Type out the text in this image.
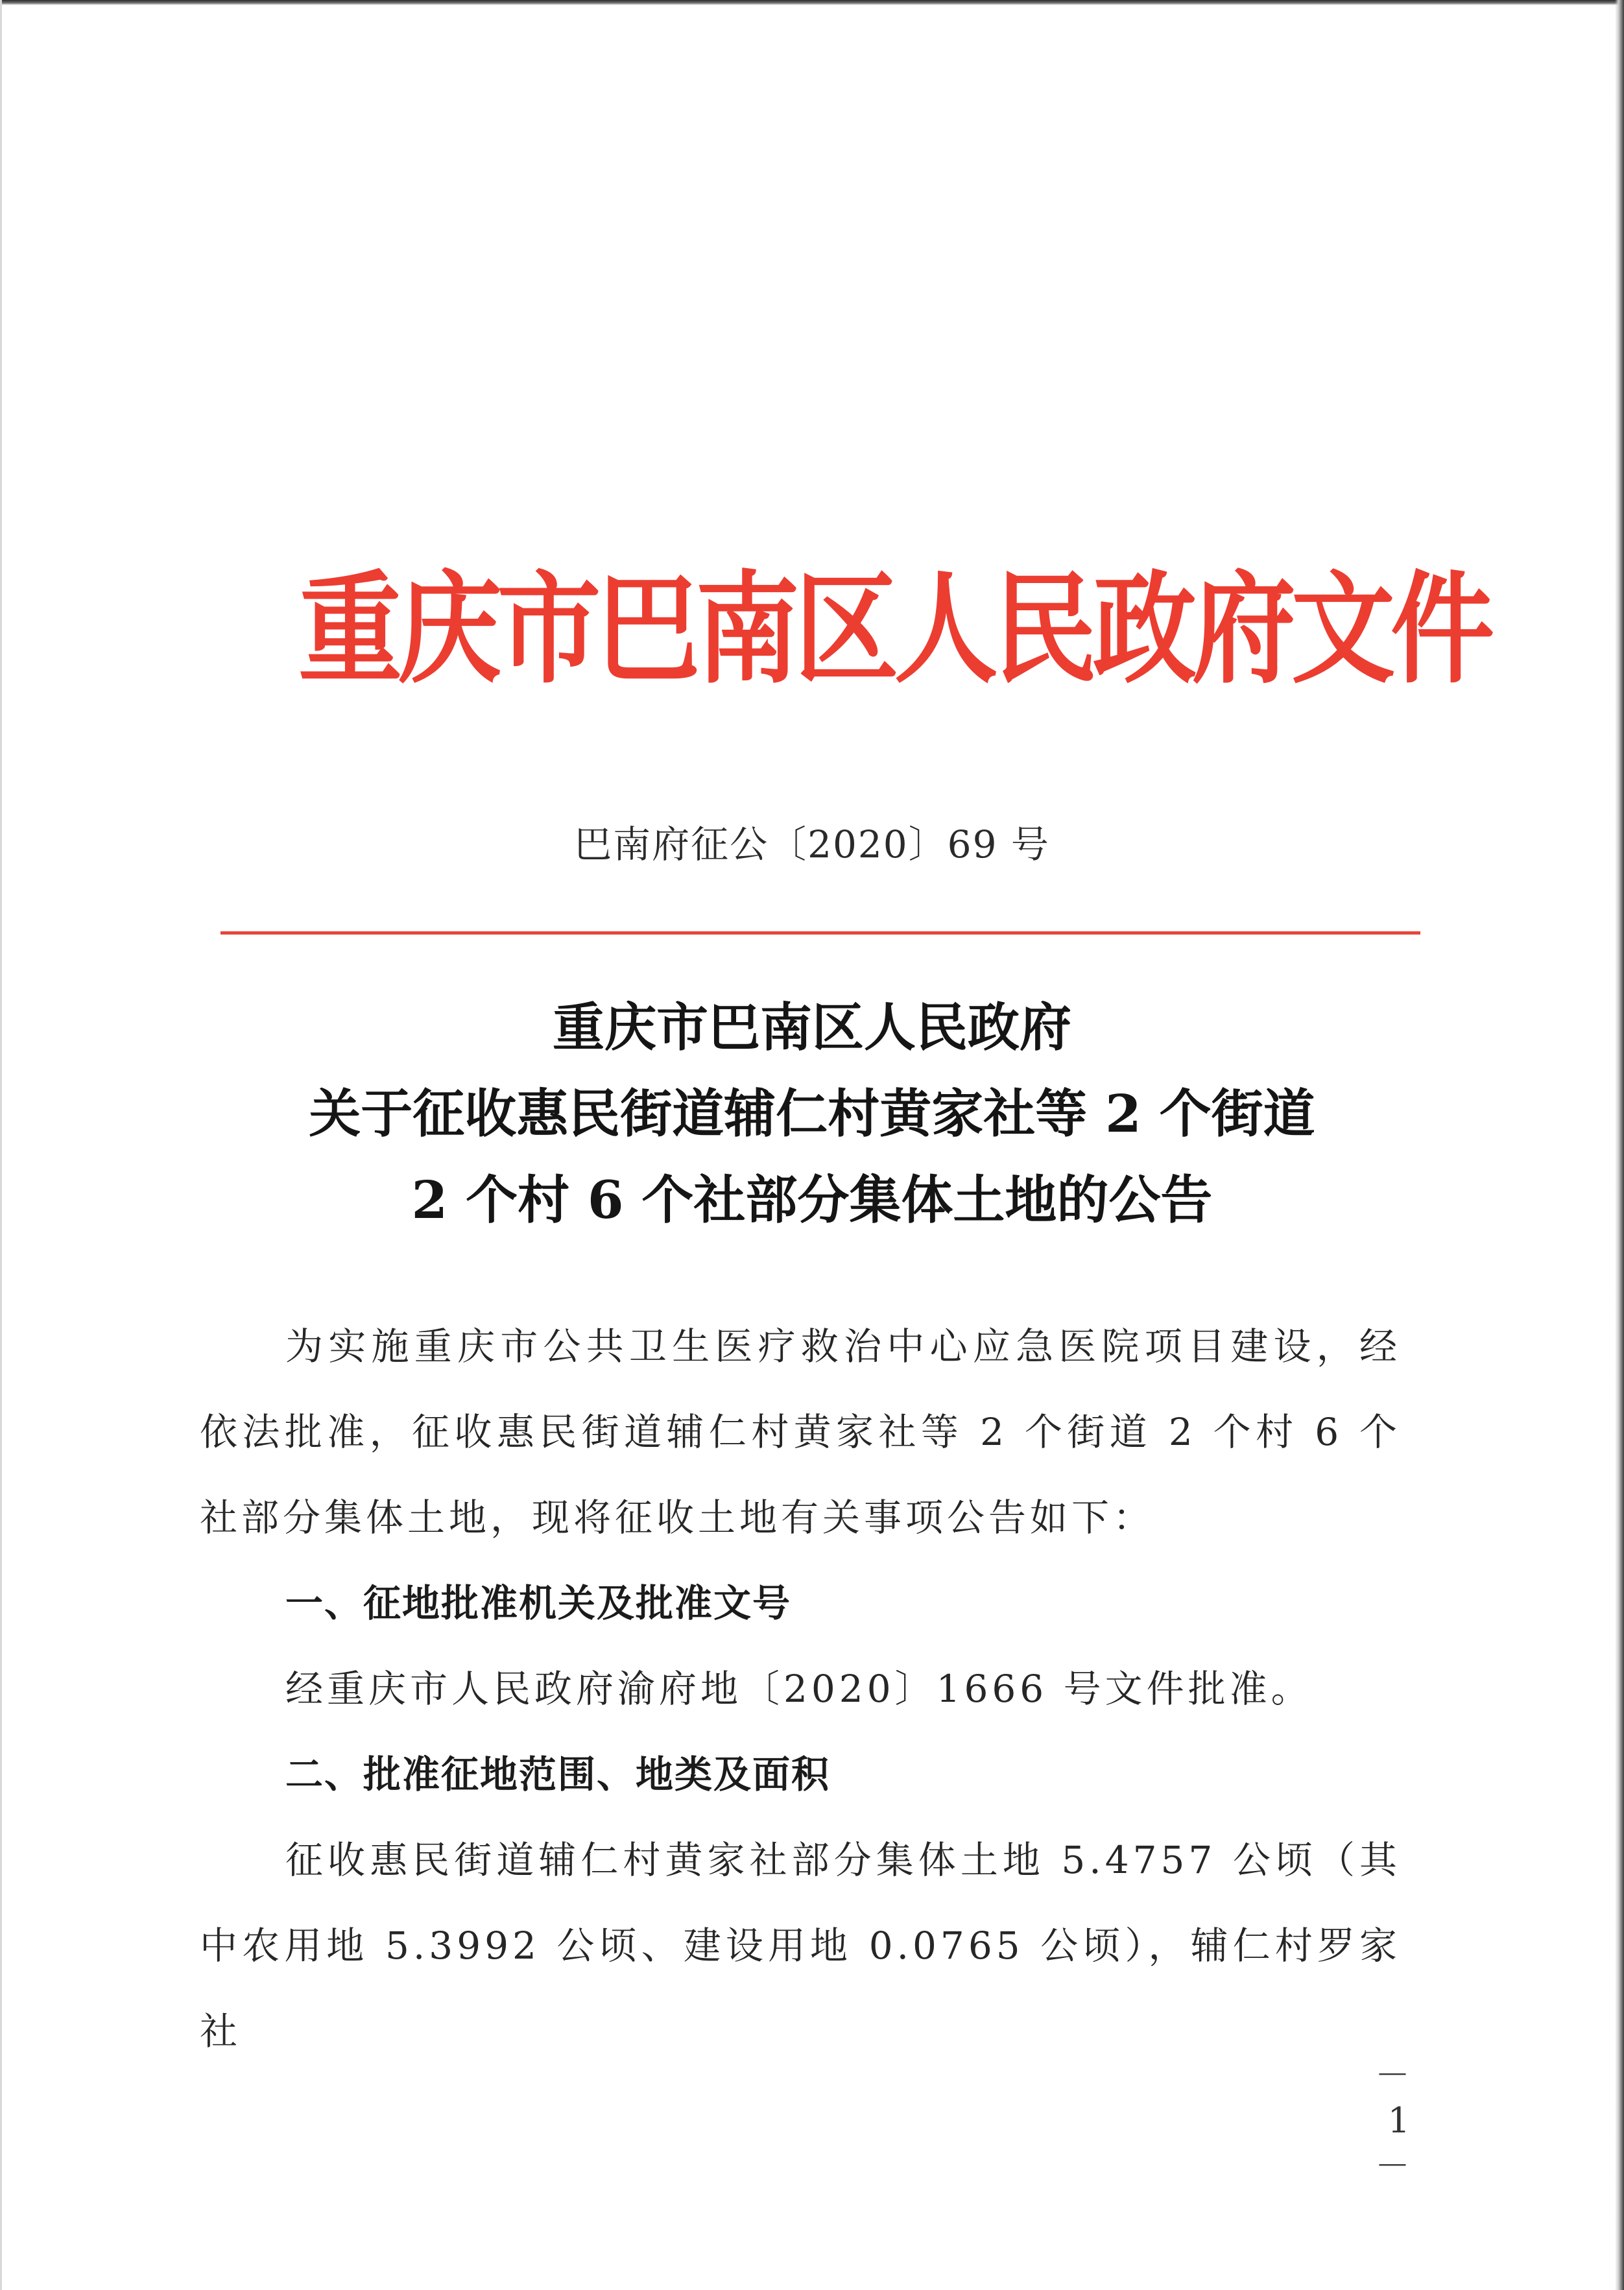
重庆市巴南区人民政府文件
巴南府征公〔2020〕69 号
重庆市巴南区人民政府
关于征收惠民街道辅仁村黄家社等 2 个街道
2 个村 6 个社部分集体土地的公告

为实施重庆市公共卫生医疗救治中心应急医院项目建设，经依法批准，征收惠民街道辅仁村黄家社等 2 个街道 2 个村 6 个社部分集体土地，现将征收土地有关事项公告如下：

一、征地批准机关及批准文号

经重庆市人民政府渝府地〔2020〕1666 号文件批准。

二、批准征地范围、地类及面积

征收惠民街道辅仁村黄家社部分集体土地 5.4757 公顷（其中农用地 5.3992 公顷、建设用地 0.0765 公顷），辅仁村罗家社

－ 1 －
